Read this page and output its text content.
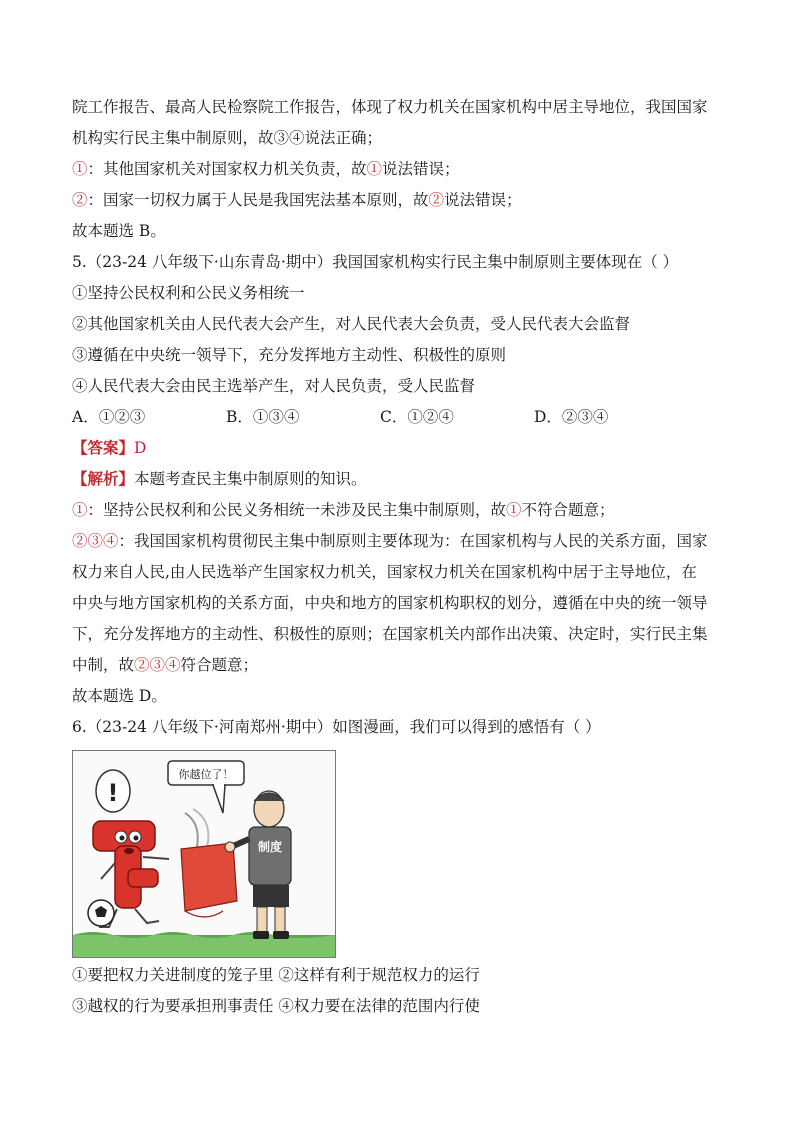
院工作报告、最高人民检察院工作报告，体现了权力机关在国家机构中居主导地位，我国国家
机构实行民主集中制原则，故③④说法正确；
①：其他国家机关对国家权力机关负责，故①说法错误；
②：国家一切权力属于人民是我国宪法基本原则，故②说法错误；
故本题选 B。
5.（23-24 八年级下·山东青岛·期中）我国国家机构实行民主集中制原则主要体现在（ ）
①坚持公民权利和公民义务相统一
②其他国家机关由人民代表大会产生，对人民代表大会负责，受人民代表大会监督
③遵循在中央统一领导下，充分发挥地方主动性、积极性的原则
④人民代表大会由民主选举产生，对人民负责，受人民监督
A．①②③	B．①③④	C．①②④	D．②③④
【答案】D
【解析】本题考查民主集中制原则的知识。
①：坚持公民权利和公民义务相统一未涉及民主集中制原则，故①不符合题意；
②③④：我国国家机构贯彻民主集中制原则主要体现为：在国家机构与人民的关系方面，国家
权力来自人民,由人民选举产生国家权力机关，国家权力机关在国家机构中居于主导地位，在
中央与地方国家机构的关系方面，中央和地方的国家机构职权的划分，遵循在中央的统一领导
下，充分发挥地方的主动性、积极性的原则；在国家机关内部作出决策、决定时，实行民主集
中制，故②③④符合题意；
故本题选 D。
6.（23-24 八年级下·河南郑州·期中）如图漫画，我们可以得到的感悟有（ ）
你越位了！
!
制度
①要把权力关进制度的笼子里 ②这样有利于规范权力的运行
③越权的行为要承担刑事责任 ④权力要在法律的范围内行使
